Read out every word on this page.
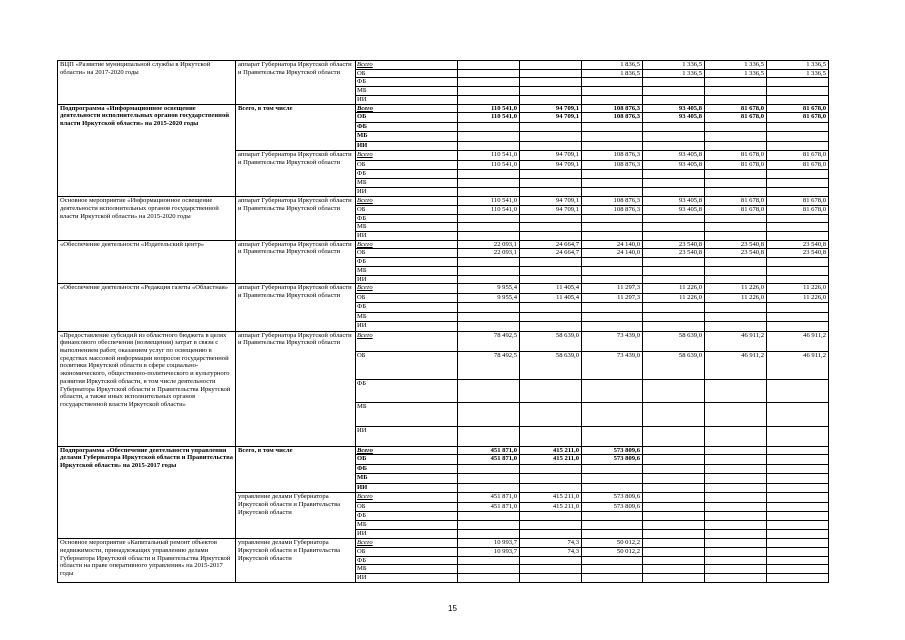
ВЦП «Развитие муниципальной службы в Иркутской области» на 2017-2020 годы	аппарат Губернатора Иркутской области и Правительства Иркутской области	Всего			1 836,5	1 336,5	1 336,5	1 336,5
		ОБ			1 836,5	1 336,5	1 336,5	1 336,5
		ФБ						
		МБ						
		ИИ						
Подпрограмма «Информационное освещение деятельности исполнительных органов государственной власти Иркутской области» на 2015-2020 годы	Всего, в том числе	Всего	110 541,0	94 709,1	108 876,3	93 405,8	81 678,0	81 678,0
		ОБ	110 541,0	94 709,1	108 876,3	93 405,8	81 678,0	81 678,0
		ФБ						
		МБ						
		ИИ						
	аппарат Губернатора Иркутской области и Правительства Иркутской области	Всего	110 541,0	94 709,1	108 876,3	93 405,8	81 678,0	81 678,0
		ОБ	110 541,0	94 709,1	108 876,3	93 405,8	81 678,0	81 678,0
		ФБ						
		МБ						
		ИИ						
Основное мероприятие «Информационное освещение деятельности исполнительных органов государственной власти Иркутской области» на 2015-2020 годы	аппарат Губернатора Иркутской области и Правительства Иркутской области	Всего	110 541,0	94 709,1	108 876,3	93 405,8	81 678,0	81 678,0
		ОБ	110 541,0	94 709,1	108 876,3	93 405,8	81 678,0	81 678,0
		ФБ						
		МБ						
		ИИ						
«Обеспечение деятельности «Издательский центр»	аппарат Губернатора Иркутской области и Правительства Иркутской области	Всего	22 093,1	24 664,7	24 140,0	23 540,8	23 540,8	23 540,8
		ОБ	22 093,1	24 664,7	24 140,0	23 540,8	23 540,8	23 540,8
		ФБ						
		МБ						
		ИИ						
«Обеспечение деятельности «Редакция газеты «Областная»	аппарат Губернатора Иркутской области и Правительства Иркутской области	Всего	9 955,4	11 405,4	11 297,3	11 226,0	11 226,0	11 226,0
		ОБ	9 955,4	11 405,4	11 297,3	11 226,0	11 226,0	11 226,0
		ФБ						
		МБ						
		ИИ						
«Предоставление субсидий из областного бюджета в целях финансового обеспечения (возмещения) затрат в связи с выполнением работ, оказанием услуг по освещению в средствах массовой информации вопросов государственной политики Иркутской области в сфере социально-экономического, общественно-политического и культурного развития Иркутской области, в том числе деятельности Губернатора Иркутской области и Правительства Иркутской области, а также иных исполнительных органов государственной власти Иркутской области»	аппарат Губернатора Иркутской области и Правительства Иркутской области	Всего	78 492,5	58 639,0	73 439,0	58 639,0	46 911,2	46 911,2
		ОБ	78 492,5	58 639,0	73 439,0	58 639,0	46 911,2	46 911,2
		ФБ						
		МБ						
		ИИ						
Подпрограмма «Обеспечение деятельности управления делами Губернатора Иркутской области и Правительства Иркутской области» на 2015-2017 годы	Всего, в том числе	Всего	451 871,0	415 211,0	573 809,6			
		ОБ	451 871,0	415 211,0	573 809,6			
		ФБ						
		МБ						
		ИИ						
	управление делами Губернатора Иркутской области и Правительства Иркутской области	Всего	451 871,0	415 211,0	573 809,6			
		ОБ	451 871,0	415 211,0	573 809,6			
		ФБ						
		МБ						
		ИИ						
Основное мероприятие «Капитальный ремонт объектов недвижимости, принадлежащих управлению делами Губернатора Иркутской области и Правительства Иркутской области на праве оперативного управления» на 2015-2017 годы	управление делами Губернатора Иркутской области и Правительства Иркутской области	Всего	10 993,7	74,3	50 012,2			
		ОБ	10 993,7	74,3	50 012,2			
		ФБ						
		МБ						
		ИИ						
15
